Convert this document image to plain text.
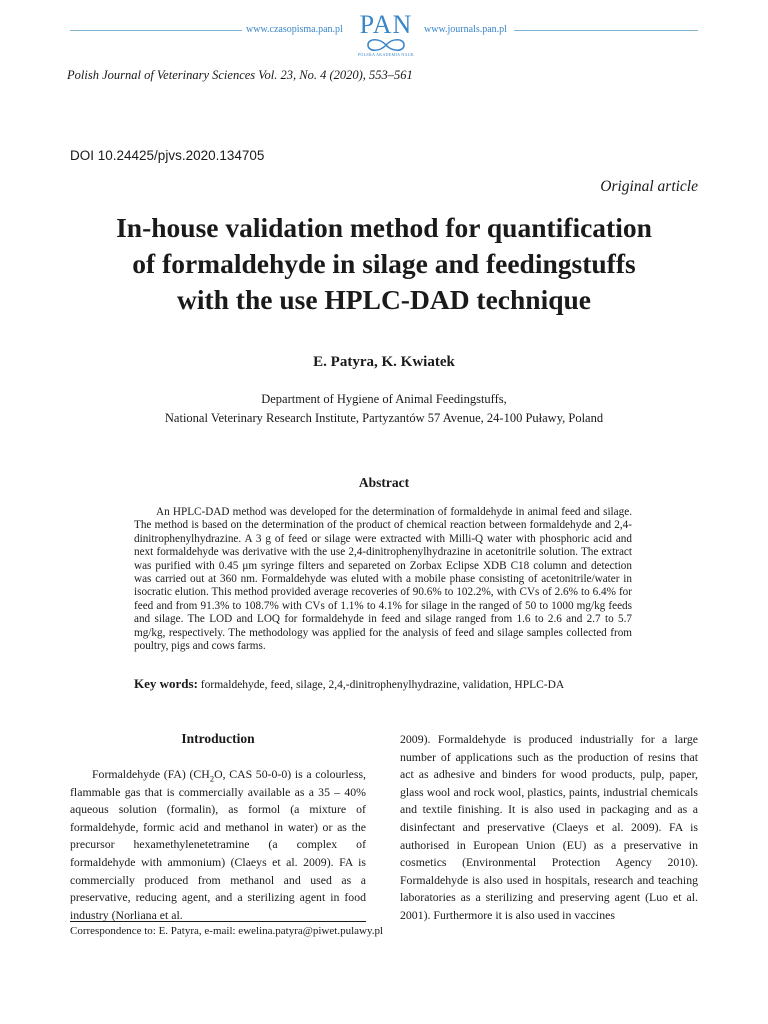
www.czasopisma.pan.pl PAN
POLSKA AKADEMIA NAUK
www.journals.pan.pl
Polish Journal of Veterinary Sciences Vol. 23, No. 4 (2020), 553–561
DOI 10.24425/pjvs.2020.134705
Original article
In-house validation method for quantification
of formaldehyde in silage and feedingstuffs
with the use HPLC-DAD technique
E. Patyra, K. Kwiatek
Department of Hygiene of Animal Feedingstuffs,
National Veterinary Research Institute, Partyzantów 57 Avenue, 24-100 Puławy, Poland
Abstract

An HPLC-DAD method was developed for the determination of formaldehyde in animal feed and silage. The method is based on the determination of the product of chemical reaction between formaldehyde and 2,4-dinitrophenylhydrazine. A 3 g of feed or silage were extracted with Milli-Q water with phosphoric acid and next formaldehyde was derivative with the use 2,4-dinitrophenylhydrazine in acetonitrile solution. The extract was purified with 0.45 μm syringe filters and separeted on Zorbax Eclipse XDB C18 column and detection was carried out at 360 nm. Formaldehyde was eluted with a mobile phase consisting of acetonitrile/water in isocratic elution. This method provided average recoveries of 90.6% to 102.2%, with CVs of 2.6% to 6.4% for feed and from 91.3% to 108.7% with CVs of 1.1% to 4.1% for silage in the ranged of 50 to 1000 mg/kg feeds and silage. The LOD and LOQ for formaldehyde in feed and silage ranged from 1.6 to 2.6 and 2.7 to 5.7 mg/kg, respectively. The methodology was applied for the analysis of feed and silage samples collected from poultry, pigs and cows farms.

Key words: formaldehyde, feed, silage, 2,4,-dinitrophenylhydrazine, validation, HPLC-DA
Introduction

Formaldehyde (FA) ($CH_2O$, CAS 50-0-0) is a colourless, flammable gas that is commercially available as a 35 – 40% aqueous solution (formalin), as formol (a mixture of formaldehyde, formic acid and methanol in water) or as the precursor hexamethylenetetramine (a complex of formaldehyde with ammonium) (Claeys et al. 2009). FA is commercially produced from methanol and used as a preservative, reducing agent, and a sterilizing agent in food industry (Norliana et al.

2009). Formaldehyde is produced industrially for a large number of applications such as the production of resins that act as adhesive and binders for wood products, pulp, paper, glass wool and rock wool, plastics, paints, industrial chemicals and textile finishing. It is also used in packaging and as a disinfectant and preservative (Claeys et al. 2009). FA is authorised in European Union (EU) as a preservative in cosmetics (Environmental Protection Agency 2010). Formaldehyde is also used in hospitals, research and teaching laboratories as a sterilizing and preserving agent (Luo et al. 2001). Furthermore it is also used in vaccines

Correspondence to: E. Patyra, e-mail: ewelina.patyra@piwet.pulawy.pl
